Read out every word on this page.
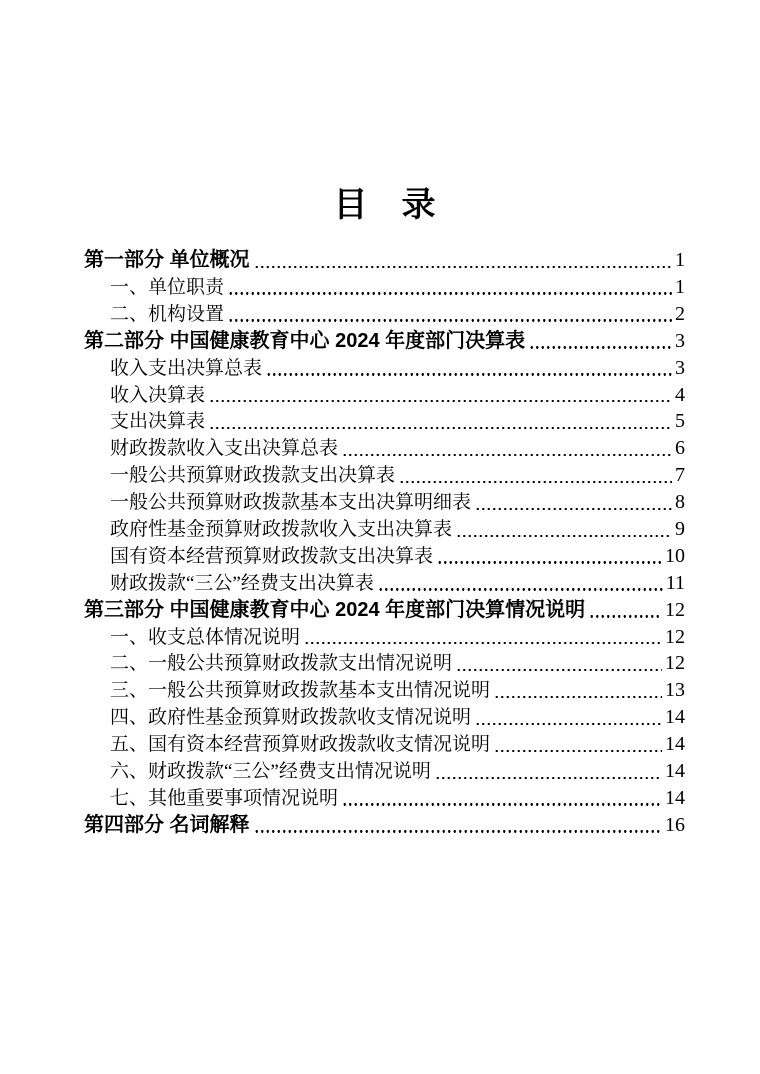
目　录
第一部分 单位概况	1
一、单位职责	1
二、机构设置	2
第二部分 中国健康教育中心 2024 年度部门决算表	3
收入支出决算总表	3
收入决算表	4
支出决算表	5
财政拨款收入支出决算总表	6
一般公共预算财政拨款支出决算表	7
一般公共预算财政拨款基本支出决算明细表	8
政府性基金预算财政拨款收入支出决算表	9
国有资本经营预算财政拨款支出决算表	10
财政拨款“三公”经费支出决算表	11
第三部分 中国健康教育中心 2024 年度部门决算情况说明	12
一、收支总体情况说明	12
二、一般公共预算财政拨款支出情况说明	12
三、一般公共预算财政拨款基本支出情况说明	13
四、政府性基金预算财政拨款收支情况说明	14
五、国有资本经营预算财政拨款收支情况说明	14
六、财政拨款“三公”经费支出情况说明	14
七、其他重要事项情况说明	14
第四部分 名词解释	16
